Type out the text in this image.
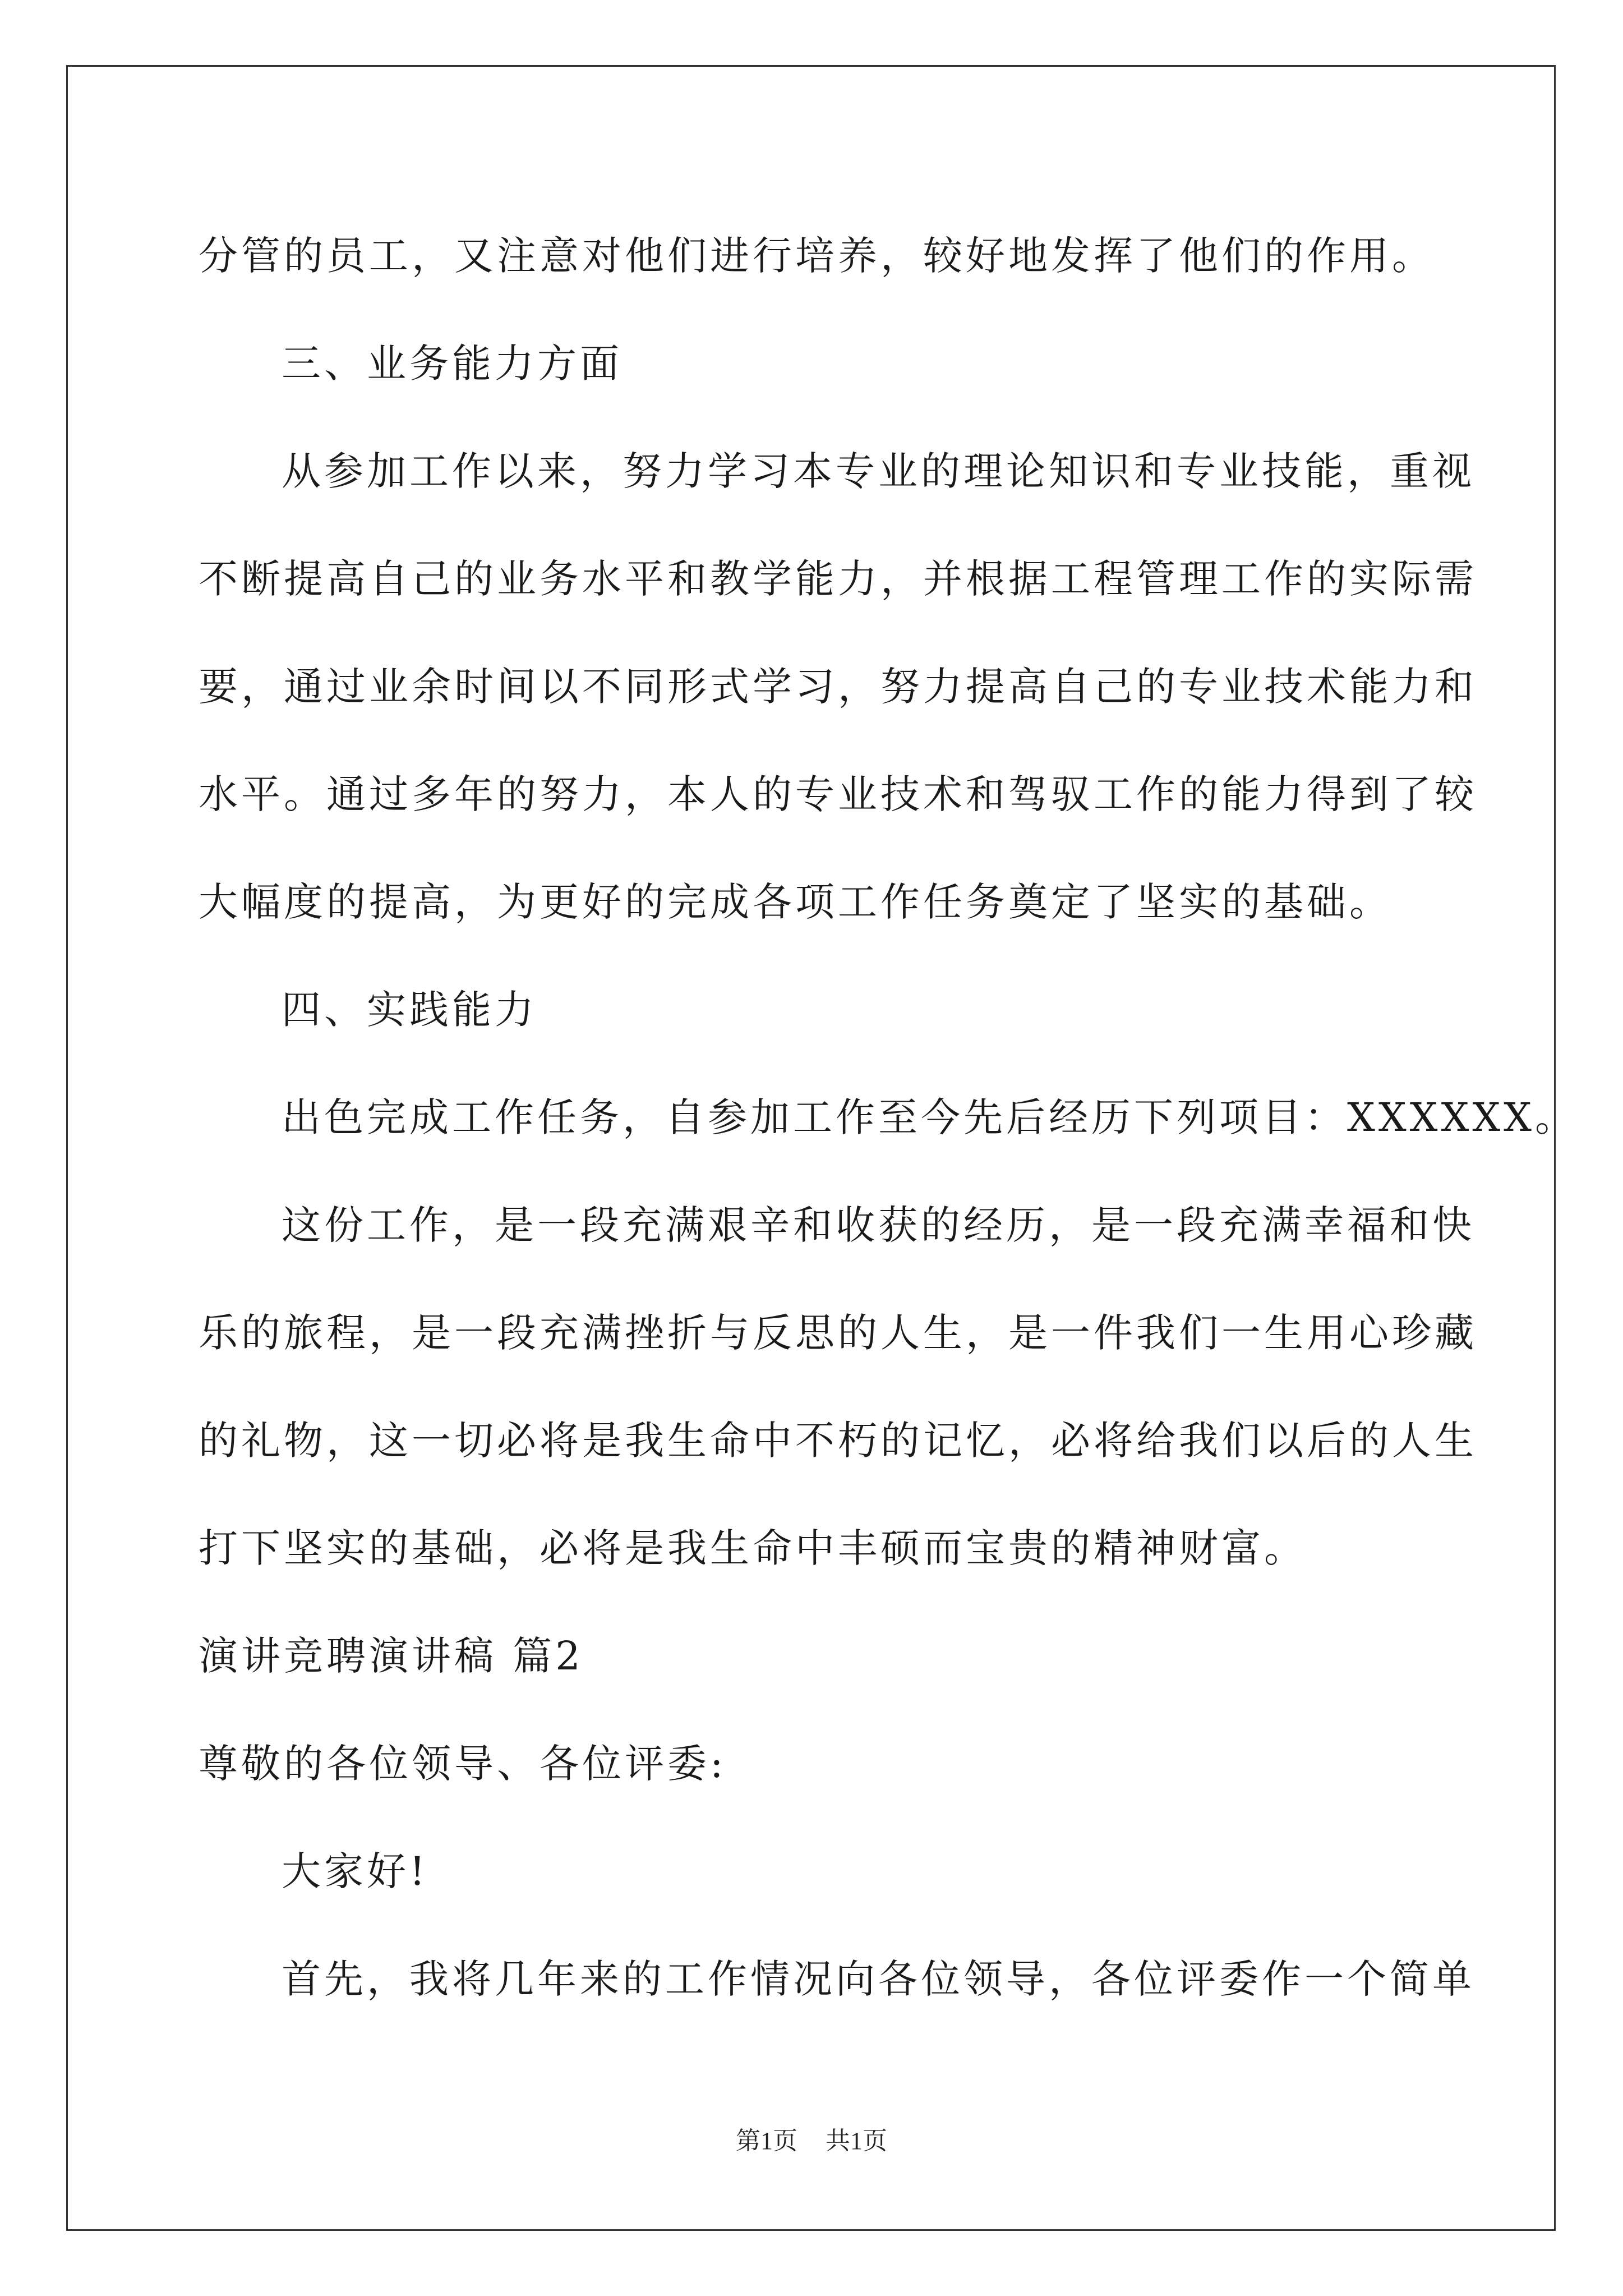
分管的员工，又注意对他们进行培养，较好地发挥了他们的作用。
三、业务能力方面
从参加工作以来，努力学习本专业的理论知识和专业技能，重视
不断提高自己的业务水平和教学能力，并根据工程管理工作的实际需
要，通过业余时间以不同形式学习，努力提高自己的专业技术能力和
水平。通过多年的努力，本人的专业技术和驾驭工作的能力得到了较
大幅度的提高，为更好的完成各项工作任务奠定了坚实的基础。
四、实践能力
出色完成工作任务，自参加工作至今先后经历下列项目：XXXXXX。
这份工作，是一段充满艰辛和收获的经历，是一段充满幸福和快
乐的旅程，是一段充满挫折与反思的人生，是一件我们一生用心珍藏
的礼物，这一切必将是我生命中不朽的记忆，必将给我们以后的人生
打下坚实的基础，必将是我生命中丰硕而宝贵的精神财富。
演讲竞聘演讲稿 篇2
尊敬的各位领导、各位评委:
大家好!
首先，我将几年来的工作情况向各位领导，各位评委作一个简单
第1页 共1页
